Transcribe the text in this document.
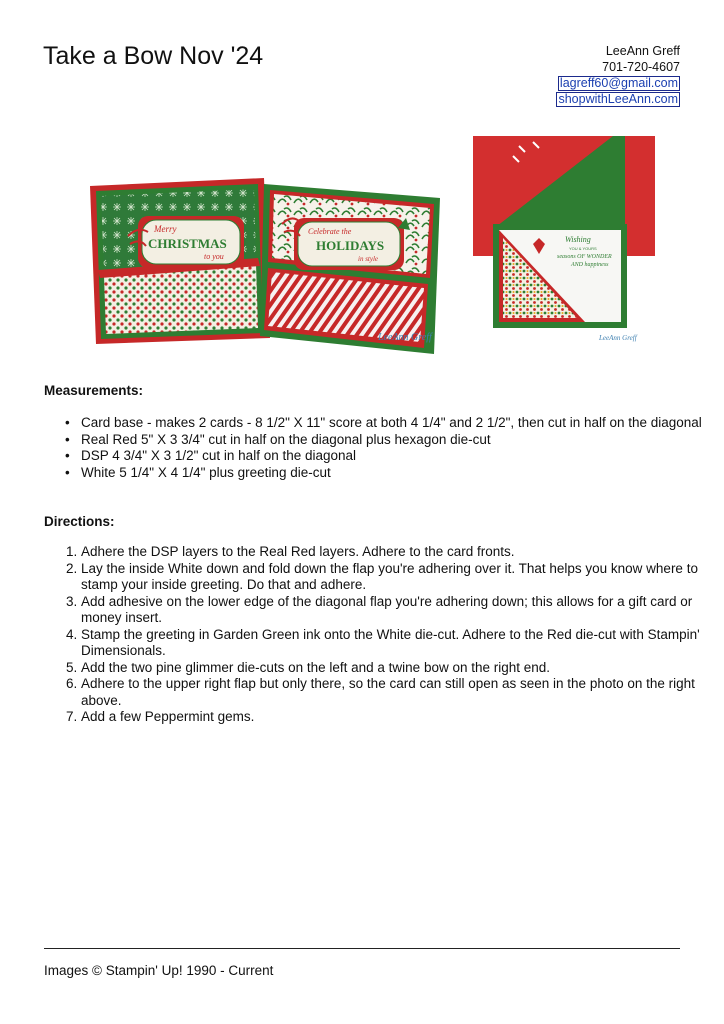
Take a Bow Nov '24	LeeAnn Greff
701-720-4607
lagreff60@gmail.com
shopwithLeeAnn.com
Merry
CHRISTMAS
to you
Celebrate the
HOLIDAYS
in style
LeeAnn Greff
Wishing
YOU & YOURS
seasons OF WONDER
AND happiness
LeeAnn Greff
Measurements:
• Card base - makes 2 cards - 8 1/2" X 11" score at both 4 1/4" and 2 1/2", then cut in half on the diagonal
• Real Red 5" X 3 3/4" cut in half on the diagonal plus hexagon die-cut
• DSP 4 3/4" X 3 1/2" cut in half on the diagonal
• White 5 1/4" X 4 1/4" plus greeting die-cut
Directions:
1. Adhere the DSP layers to the Real Red layers. Adhere to the card fronts.
2. Lay the inside White down and fold down the flap you're adhering over it. That helps you know where to stamp your inside greeting. Do that and adhere.
3. Add adhesive on the lower edge of the diagonal flap you're adhering down; this allows for a gift card or money insert.
4. Stamp the greeting in Garden Green ink onto the White die-cut. Adhere to the Red die-cut with Stampin' Dimensionals.
5. Add the two pine glimmer die-cuts on the left and a twine bow on the right end.
6. Adhere to the upper right flap but only there, so the card can still open as seen in the photo on the right above.
7. Add a few Peppermint gems.
Images © Stampin' Up! 1990 - Current
